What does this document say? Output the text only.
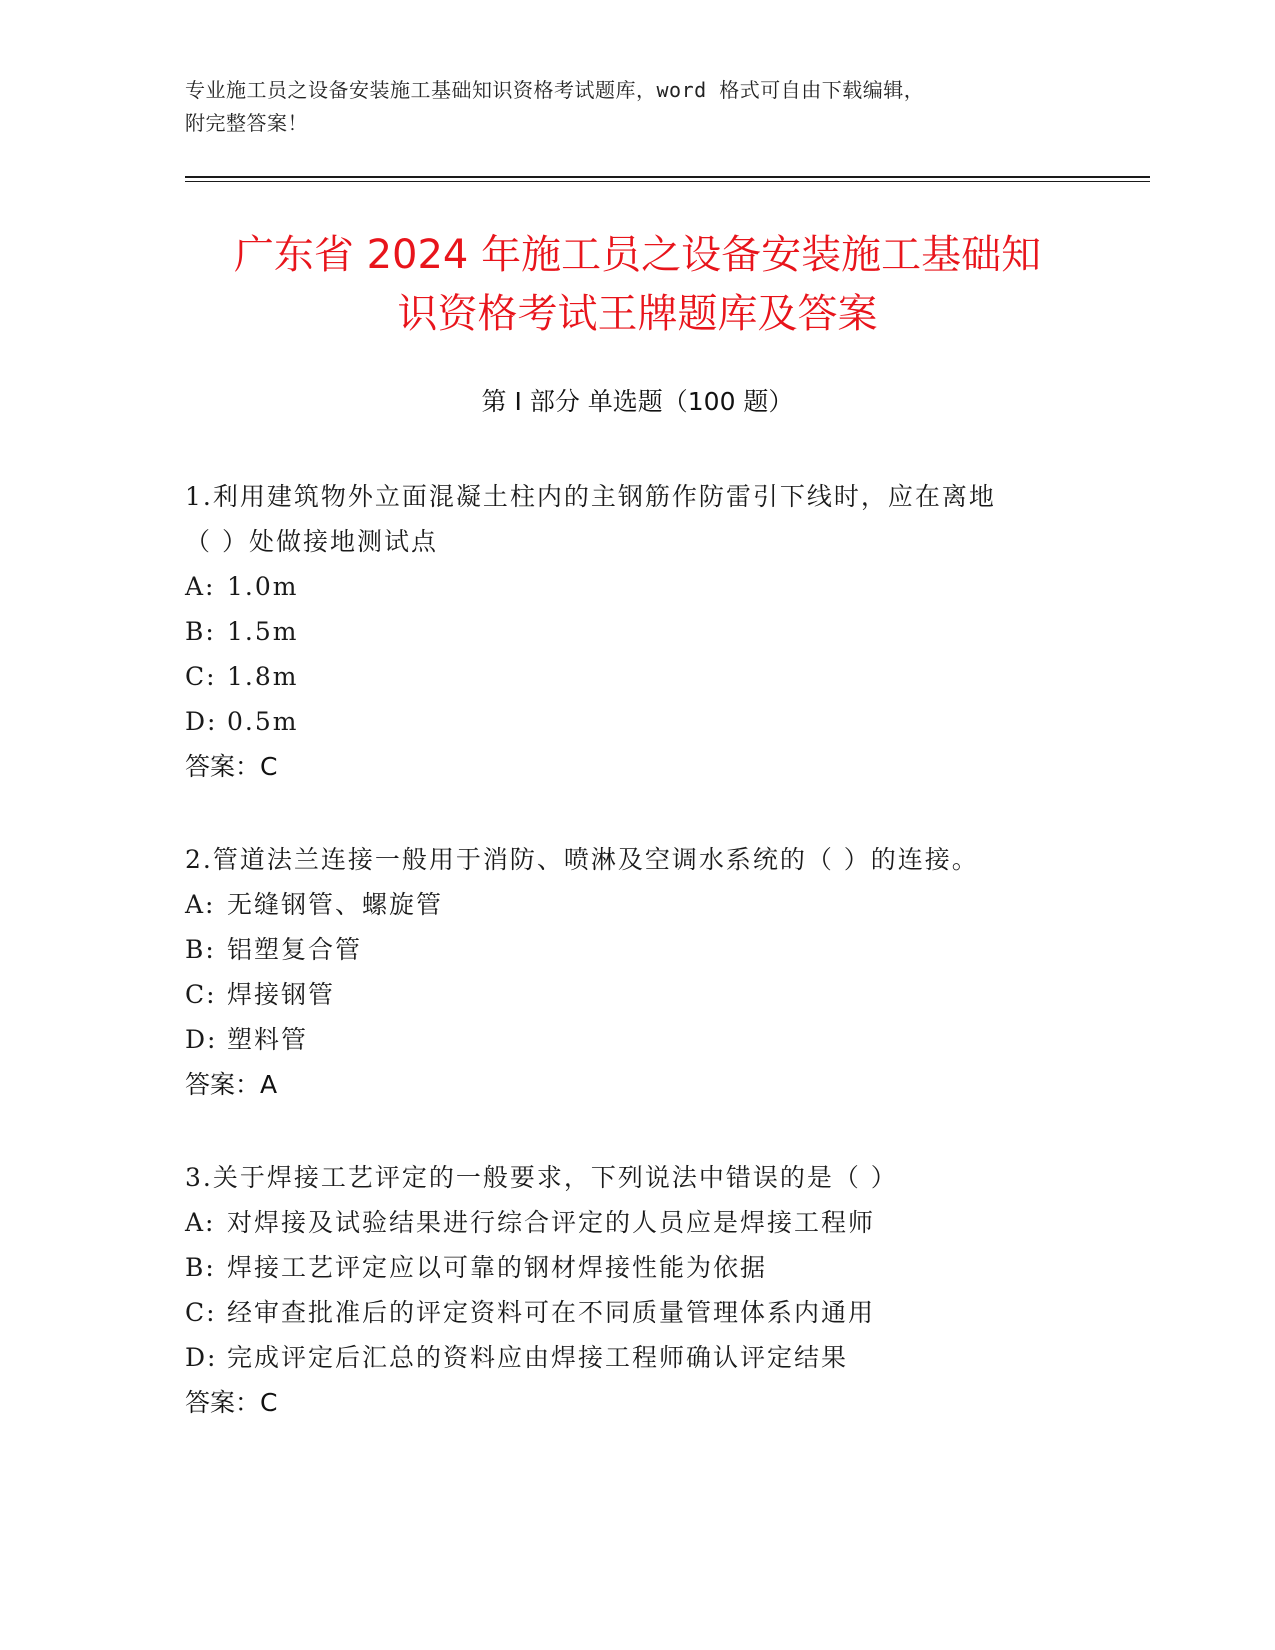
专业施工员之设备安装施工基础知识资格考试题库，word 格式可自由下载编辑，
附完整答案！
广东省 2024 年施工员之设备安装施工基础知
识资格考试王牌题库及答案
第 I 部分 单选题（100 题）
1.利用建筑物外立面混凝土柱内的主钢筋作防雷引下线时，应在离地
（ ）处做接地测试点
A: 1.0m
B: 1.5m
C: 1.8m
D: 0.5m
答案：C
2.管道法兰连接一般用于消防、喷淋及空调水系统的（ ）的连接。
A: 无缝钢管、螺旋管
B: 铝塑复合管
C: 焊接钢管
D: 塑料管
答案：A
3.关于焊接工艺评定的一般要求，下列说法中错误的是（ ）
A: 对焊接及试验结果进行综合评定的人员应是焊接工程师
B: 焊接工艺评定应以可靠的钢材焊接性能为依据
C: 经审查批准后的评定资料可在不同质量管理体系内通用
D: 完成评定后汇总的资料应由焊接工程师确认评定结果
答案：C
